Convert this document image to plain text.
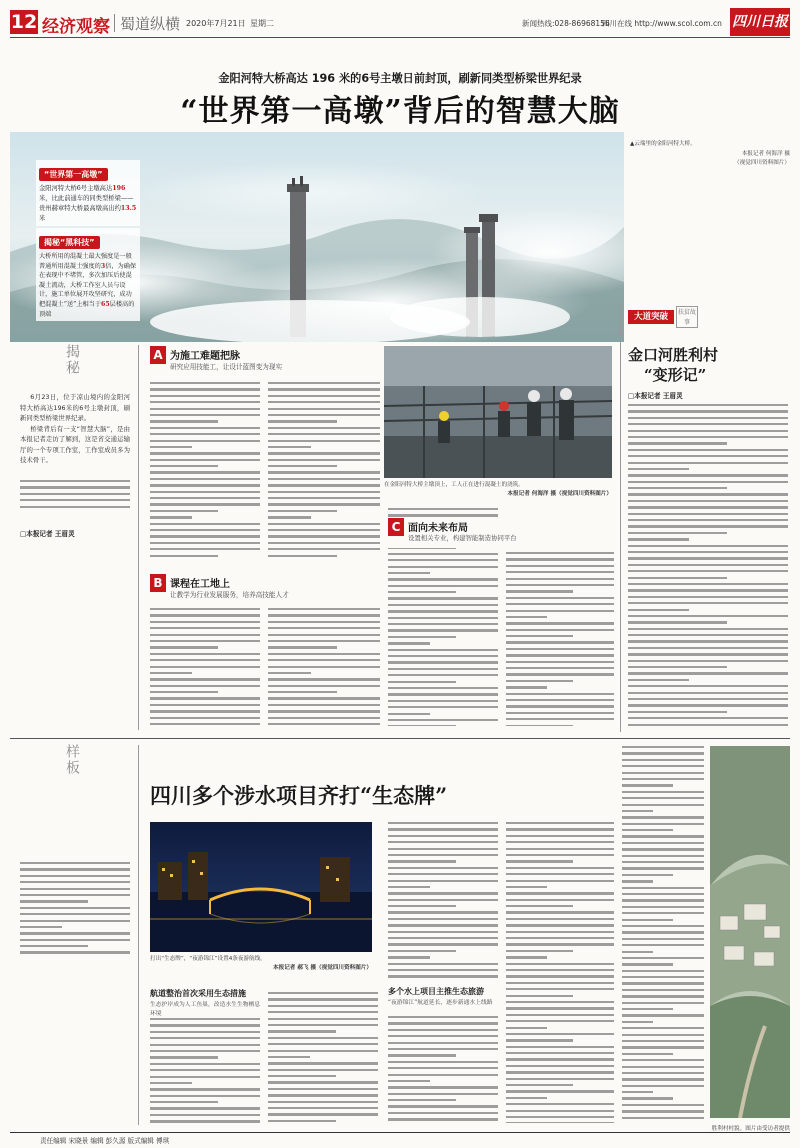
12 经济观察 蜀道纵横 2020年7月21日 星期二	新闻热线:028-86968156
四川在线 http://www.scol.com.cn 四川日报
金阳河特大桥高达 196 米的6号主墩日前封顶，刷新同类型桥梁世界纪录
“世界第一高墩”背后的智慧大脑
“世界第一高墩”
金阳河特大桥6号主墩高达196米，比此前通车的同类型桥梁——贵州赫章特大桥最高墩高出约13.5米
揭秘“黑科技”
大桥所用的混凝土最大强度是一般普通所用混凝土强度的3倍，为确保在表现中不堵管，多次加压后使混凝土流动，大桥工作室人员与设计，施工单位展开攻坚研究，成功把混凝土“送”上相当于65层楼高的顶端
▲云端里的金阳河特大桥。
本报记者 何海洋 摄
（视觉四川资料图片）
揭秘

6月23日，位于凉山境内的金阳河特大桥高达196米的6号主墩封顶，刷新同类型桥梁世界纪录。

桥梁背后有一支“智慧大脑”，是由本报记者走访了解到，这是省交通运输厅的一个专项工作室，工作室成员多为技术骨干。

□本报记者 王眉灵
A 为施工难题把脉
研究应用技能工，让设计蓝图变为现实
在金阳河特大桥主墩顶上，工人正在进行混凝土的浇筑。
本报记者 何海洋 摄（视觉四川资料图片）
B 课程在工地上
让教学为行业发展服务，培养高技能人才
C 面向未来布局
设置相关专业，构建智能制造协同平台
大道突破	扶贫故事
金口河胜利村
“变形记”
□本报记者 王眉灵
样板
四川多个涉水项目齐打“生态牌”
打出“生态牌”，“夜游锦江”设置4条夜游航线。
本报记者 郝飞 摄（视觉四川资料图片）
航道整治首次采用生态措施
生态护岸成为人工鱼巢，改造水生生物栖息环境
多个水上项目主推生态旅游
“夜游锦江”航道延长，逐步新通水上线路
胜利村村貌。图片由受访者提供
责任编辑 宋晓景 编辑 彭久源 版式编辑 傅琪
